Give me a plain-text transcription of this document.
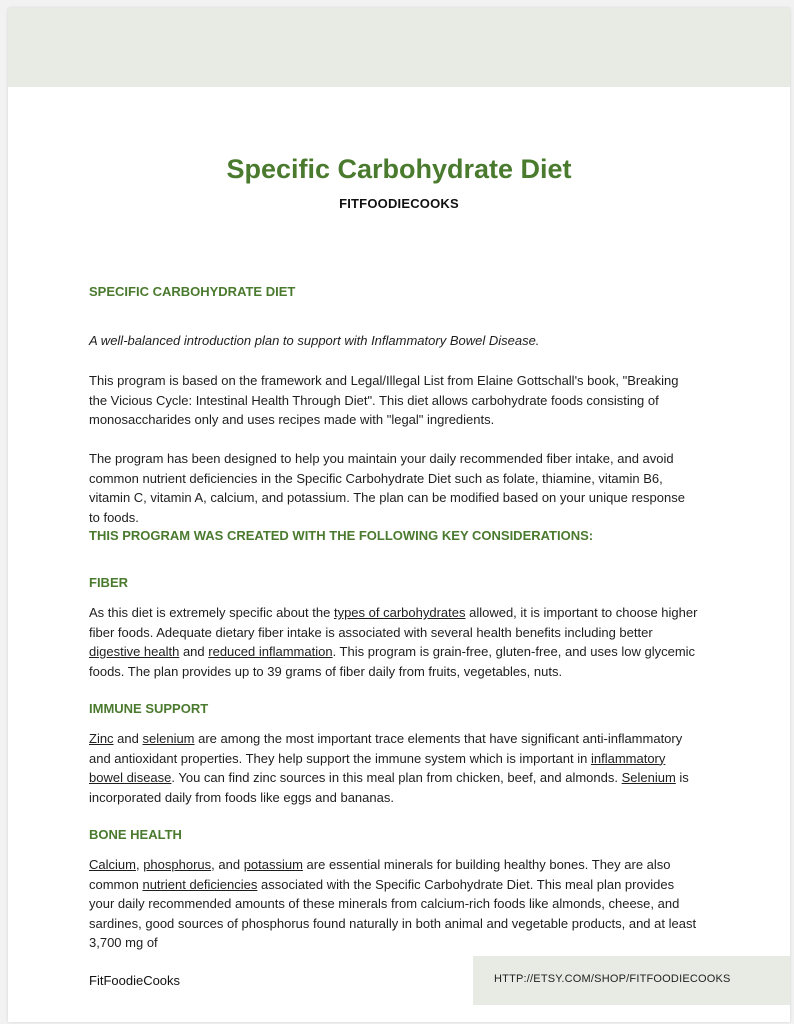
Specific Carbohydrate Diet
FITFOODIECOOKS
SPECIFIC CARBOHYDRATE DIET

A well-balanced introduction plan to support with Inflammatory Bowel Disease.

This program is based on the framework and Legal/Illegal List from Elaine Gottschall's book, "Breaking the Vicious Cycle: Intestinal Health Through Diet". This diet allows carbohydrate foods consisting of monosaccharides only and uses recipes made with "legal" ingredients.

The program has been designed to help you maintain your daily recommended fiber intake, and avoid common nutrient deficiencies in the Specific Carbohydrate Diet such as folate, thiamine, vitamin B6, vitamin C, vitamin A, calcium, and potassium. The plan can be modified based on your unique response to foods.

THIS PROGRAM WAS CREATED WITH THE FOLLOWING KEY CONSIDERATIONS:
FIBER

As this diet is extremely specific about the types of carbohydrates allowed, it is important to choose higher fiber foods. Adequate dietary fiber intake is associated with several health benefits including better digestive health and reduced inflammation. This program is grain-free, gluten-free, and uses low glycemic foods. The plan provides up to 39 grams of fiber daily from fruits, vegetables, nuts.

IMMUNE SUPPORT

Zinc and selenium are among the most important trace elements that have significant anti-inflammatory and antioxidant properties. They help support the immune system which is important in inflammatory bowel disease. You can find zinc sources in this meal plan from chicken, beef, and almonds. Selenium is incorporated daily from foods like eggs and bananas.

BONE HEALTH

Calcium, phosphorus, and potassium are essential minerals for building healthy bones. They are also common nutrient deficiencies associated with the Specific Carbohydrate Diet. This meal plan provides your daily recommended amounts of these minerals from calcium-rich foods like almonds, cheese, and sardines, good sources of phosphorus found naturally in both animal and vegetable products, and at least 3,700 mg of

FitFoodieCooks	HTTP://ETSY.COM/SHOP/FITFOODIECOOKS
